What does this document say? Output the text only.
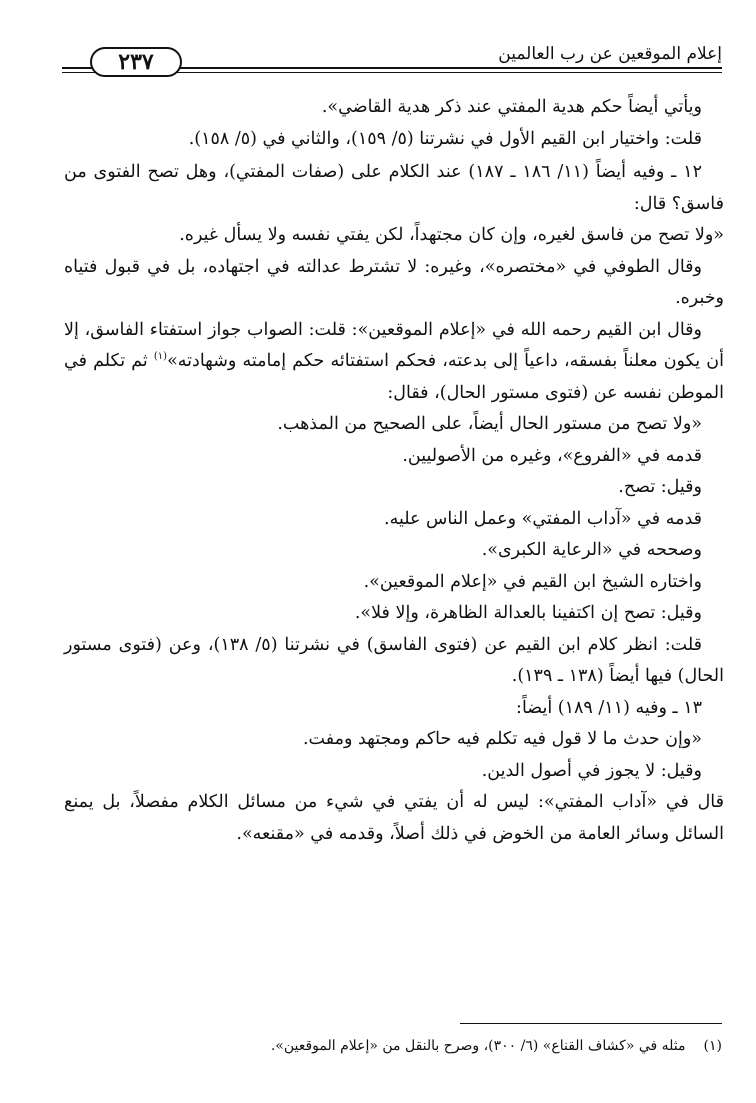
إعلام الموقعين عن رب العالمين
٢٣٧

ويأتي أيضاً حكم هدية المفتي عند ذكر هدية القاضي».

قلت: واختيار ابن القيم الأول في نشرتنا (٥/ ١٥٩)، والثاني في (٥/ ١٥٨).

١٢ ـ وفيه أيضاً (١١/ ١٨٦ ـ ١٨٧) عند الكلام على (صفات المفتي)، وهل تصح الفتوى من فاسق؟ قال:

«ولا تصح من فاسق لغيره، وإن كان مجتهداً، لكن يفتي نفسه ولا يسأل غيره.

وقال الطوفي في «مختصره»، وغيره: لا تشترط عدالته في اجتهاده، بل في قبول فتياه وخبره.

وقال ابن القيم رحمه الله في «إعلام الموقعين»: قلت: الصواب جواز استفتاء الفاسق، إلا أن يكون معلناً بفسقه، داعياً إلى بدعته، فحكم استفتائه حكم إمامته وشهادته»$^{(١)}$ ثم تكلم في الموطن نفسه عن (فتوى مستور الحال)، فقال:

«ولا تصح من مستور الحال أيضاً، على الصحيح من المذهب.

قدمه في «الفروع»، وغيره من الأصوليين.

وقيل: تصح.

قدمه في «آداب المفتي» وعمل الناس عليه.

وصححه في «الرعاية الكبرى».

واختاره الشيخ ابن القيم في «إعلام الموقعين».

وقيل: تصح إن اكتفينا بالعدالة الظاهرة، وإلا فلا».

قلت: انظر كلام ابن القيم عن (فتوى الفاسق) في نشرتنا (٥/ ١٣٨)، وعن (فتوى مستور الحال) فيها أيضاً (١٣٨ ـ ١٣٩).

١٣ ـ وفيه (١١/ ١٨٩) أيضاً:

«وإن حدث ما لا قول فيه تكلم فيه حاكم ومجتهد ومفت.

وقيل: لا يجوز في أصول الدين.

قال في «آداب المفتي»: ليس له أن يفتي في شيء من مسائل الكلام مفصلاً، بل يمنع السائل وسائر العامة من الخوض في ذلك أصلاً، وقدمه في «مقنعه».

(١)مثله في «كشاف القناع» (٦/ ٣٠٠)، وصرح بالنقل من «إعلام الموقعين».
